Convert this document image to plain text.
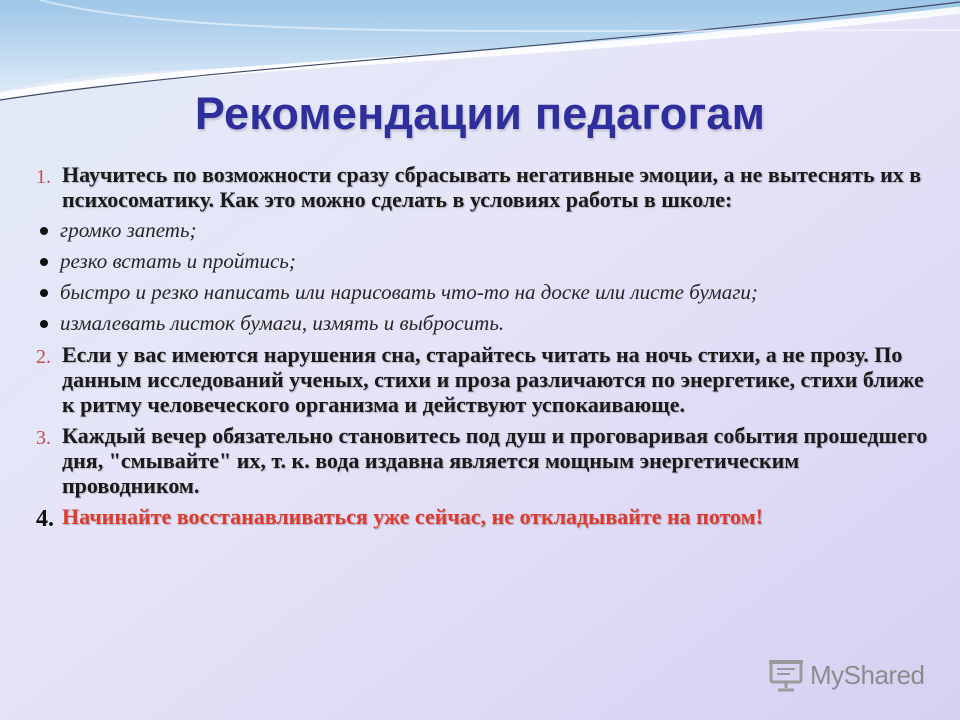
Рекомендации педагогам
1. Научитесь по возможности сразу сбрасывать негативные эмоции, а не вытеснять их в психосоматику. Как это можно сделать в условиях работы в школе:
громко запеть;
резко встать и пройтись;
быстро и резко написать или нарисовать что-то на доске или листе бумаги;
измалевать листок бумаги, измять и выбросить.
2. Если у вас имеются нарушения сна, старайтесь читать на ночь стихи, а не прозу. По данным исследований ученых, стихи и проза различаются по энергетике, стихи ближе к ритму человеческого организма и действуют успокаивающе.
3. Каждый вечер обязательно становитесь под душ и проговаривая события прошедшего дня, "смывайте" их, т. к. вода издавна является мощным энергетическим проводником.
4. Начинайте восстанавливаться уже сейчас, не откладывайте на потом!
MyShared
